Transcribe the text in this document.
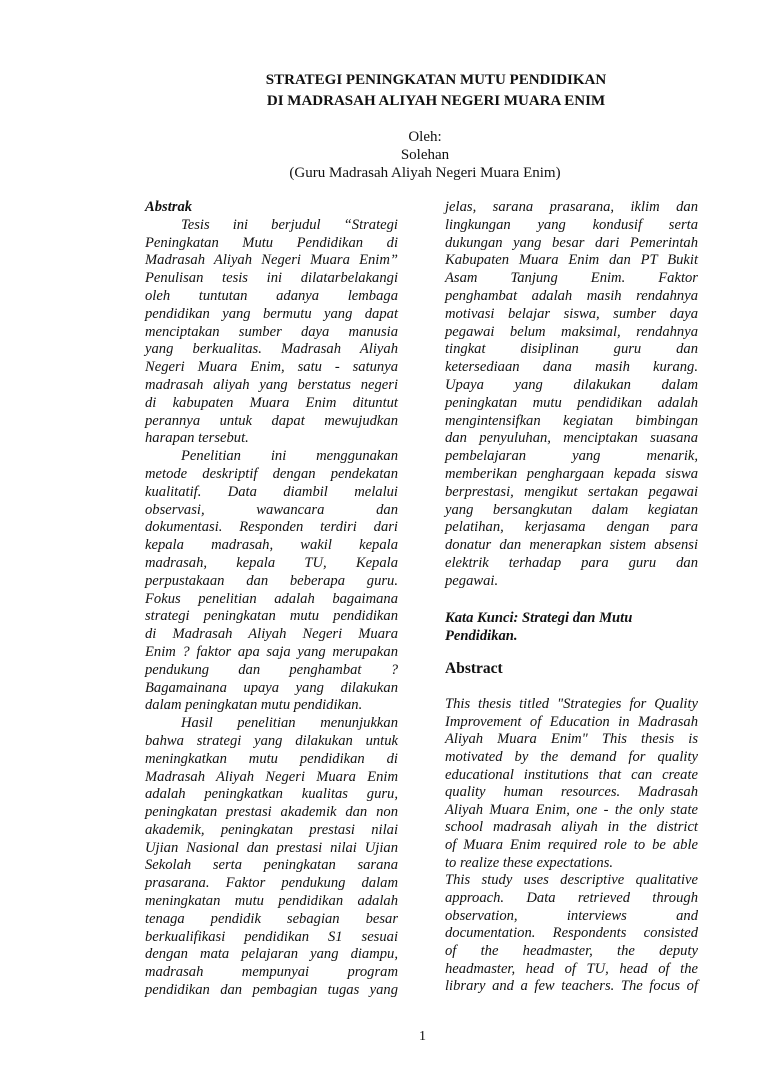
STRATEGI PENINGKATAN MUTU PENDIDIKAN
DI MADRASAH ALIYAH NEGERI MUARA ENIM
Oleh:
Solehan
(Guru Madrasah Aliyah Negeri Muara Enim)
Abstrak
Tesis ini berjudul “Strategi
Peningkatan Mutu Pendidikan di
Madrasah Aliyah Negeri Muara Enim”
Penulisan tesis ini dilatarbelakangi
oleh tuntutan adanya lembaga
pendidikan yang bermutu yang dapat
menciptakan sumber daya manusia
yang berkualitas. Madrasah Aliyah
Negeri Muara Enim, satu - satunya
madrasah aliyah yang berstatus negeri
di kabupaten Muara Enim dituntut
perannya untuk dapat mewujudkan
harapan tersebut.
Penelitian ini menggunakan
metode deskriptif dengan pendekatan
kualitatif. Data diambil melalui
observasi, wawancara dan
dokumentasi. Responden terdiri dari
kepala madrasah, wakil kepala
madrasah, kepala TU, Kepala
perpustakaan dan beberapa guru.
Fokus penelitian adalah bagaimana
strategi peningkatan mutu pendidikan
di Madrasah Aliyah Negeri Muara
Enim ? faktor apa saja yang merupakan
pendukung dan penghambat ?
Bagamainana upaya yang dilakukan
dalam peningkatan mutu pendidikan.
Hasil penelitian menunjukkan
bahwa strategi yang dilakukan untuk
meningkatkan mutu pendidikan di
Madrasah Aliyah Negeri Muara Enim
adalah peningkatkan kualitas guru,
peningkatan prestasi akademik dan non
akademik, peningkatan prestasi nilai
Ujian Nasional dan prestasi nilai Ujian
Sekolah serta peningkatan sarana
prasarana. Faktor pendukung dalam
meningkatan mutu pendidikan adalah
tenaga pendidik sebagian besar
berkualifikasi pendidikan S1 sesuai
dengan mata pelajaran yang diampu,
madrasah mempunyai program
pendidikan dan pembagian tugas yang
jelas, sarana prasarana, iklim dan
lingkungan yang kondusif serta
dukungan yang besar dari Pemerintah
Kabupaten Muara Enim dan PT Bukit
Asam Tanjung Enim. Faktor
penghambat adalah masih rendahnya
motivasi belajar siswa, sumber daya
pegawai belum maksimal, rendahnya
tingkat disiplinan guru dan
ketersediaan dana masih kurang.
Upaya yang dilakukan dalam
peningkatan mutu pendidikan adalah
mengintensifkan kegiatan bimbingan
dan penyuluhan, menciptakan suasana
pembelajaran yang menarik,
memberikan penghargaan kepada siswa
berprestasi, mengikut sertakan pegawai
yang bersangkutan dalam kegiatan
pelatihan, kerjasama dengan para
donatur dan menerapkan sistem absensi
elektrik terhadap para guru dan
pegawai.
Kata Kunci: Strategi dan Mutu
Pendidikan.
Abstract
This thesis titled "Strategies for Quality
Improvement of Education in Madrasah
Aliyah Muara Enim" This thesis is
motivated by the demand for quality
educational institutions that can create
quality human resources. Madrasah
Aliyah Muara Enim, one - the only state
school madrasah aliyah in the district
of Muara Enim required role to be able
to realize these expectations.
This study uses descriptive qualitative
approach. Data retrieved through
observation, interviews and
documentation. Respondents consisted
of the headmaster, the deputy
headmaster, head of TU, head of the
library and a few teachers. The focus of
1
